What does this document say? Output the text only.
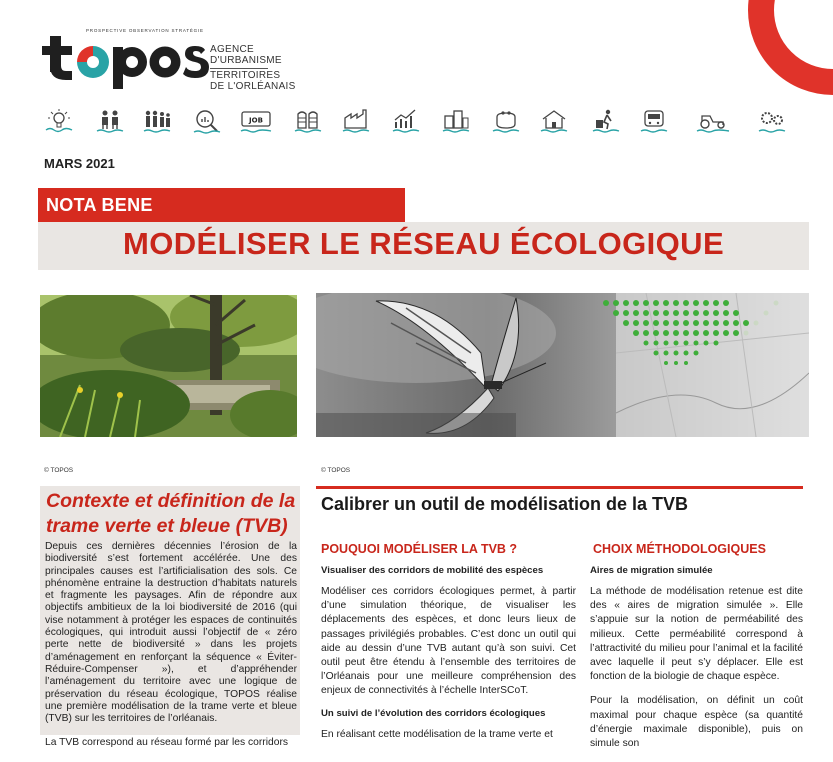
PROSPECTIVE OBSERVATION STRATÉGIE
AGENCE
D'URBANISME
TERRITOIRES
DE L'ORLÉANAIS
JOB
MARS 2021
NOTA BENE
MODÉLISER LE RÉSEAU ÉCOLOGIQUE
© TOPOS	© TOPOS
Contexte et définition de la trame verte et bleue (TVB)

Depuis ces dernières décennies l’érosion de la biodiversité s’est fortement accélérée. Une des principales causes est l’artificialisation des sols. Ce phénomène entraine la destruction d’habitats naturels et fragmente les paysages. Afin de répondre aux objectifs ambitieux de la loi biodiversité de 2016 (qui vise notamment à protéger les espaces de continuités écologiques, qui introduit aussi l’objectif de « zéro perte nette de biodiversité » dans les projets d’aménagement en renforçant la séquence « Éviter-Réduire-Compenser »), et d’appréhender l’aménagement du territoire avec une logique de préservation du réseau écologique, TOPOS réalise une première modélisation de la trame verte et bleue (TVB) sur les territoires de l’orléanais.

La TVB correspond au réseau formé par les corridors

Calibrer un outil de modélisation de la TVB
POUQUOI MODÉLISER LA TVB ?
Visualiser des corridors de mobilité des espèces

Modéliser ces corridors écologiques permet, à partir d’une simulation théorique, de visualiser les déplacements des espèces, et donc leurs lieux de passages privilégiés probables. C’est donc un outil qui aide au dessin d’une TVB autant qu’à son suivi. Cet outil peut être étendu à l’ensemble des territoires de l’Orléanais pour une meilleure compréhension des enjeux de connectivités à l’échelle InterSCoT.

Un suivi de l’évolution des corridors écologiques
En réalisant cette modélisation de la trame verte et
CHOIX MÉTHODOLOGIQUES
Aires de migration simulée

La méthode de modélisation retenue est dite des « aires de migration simulée ». Elle s’appuie sur la notion de perméabilité des milieux. Cette perméabilité correspond à l’attractivité du milieu pour l’animal et la facilité avec laquelle il peut s’y déplacer. Elle est fonction de la biologie de chaque espèce.

Pour la modélisation, on définit un coût maximal pour chaque espèce (sa quantité d’énergie maximale disponible), puis on simule son
